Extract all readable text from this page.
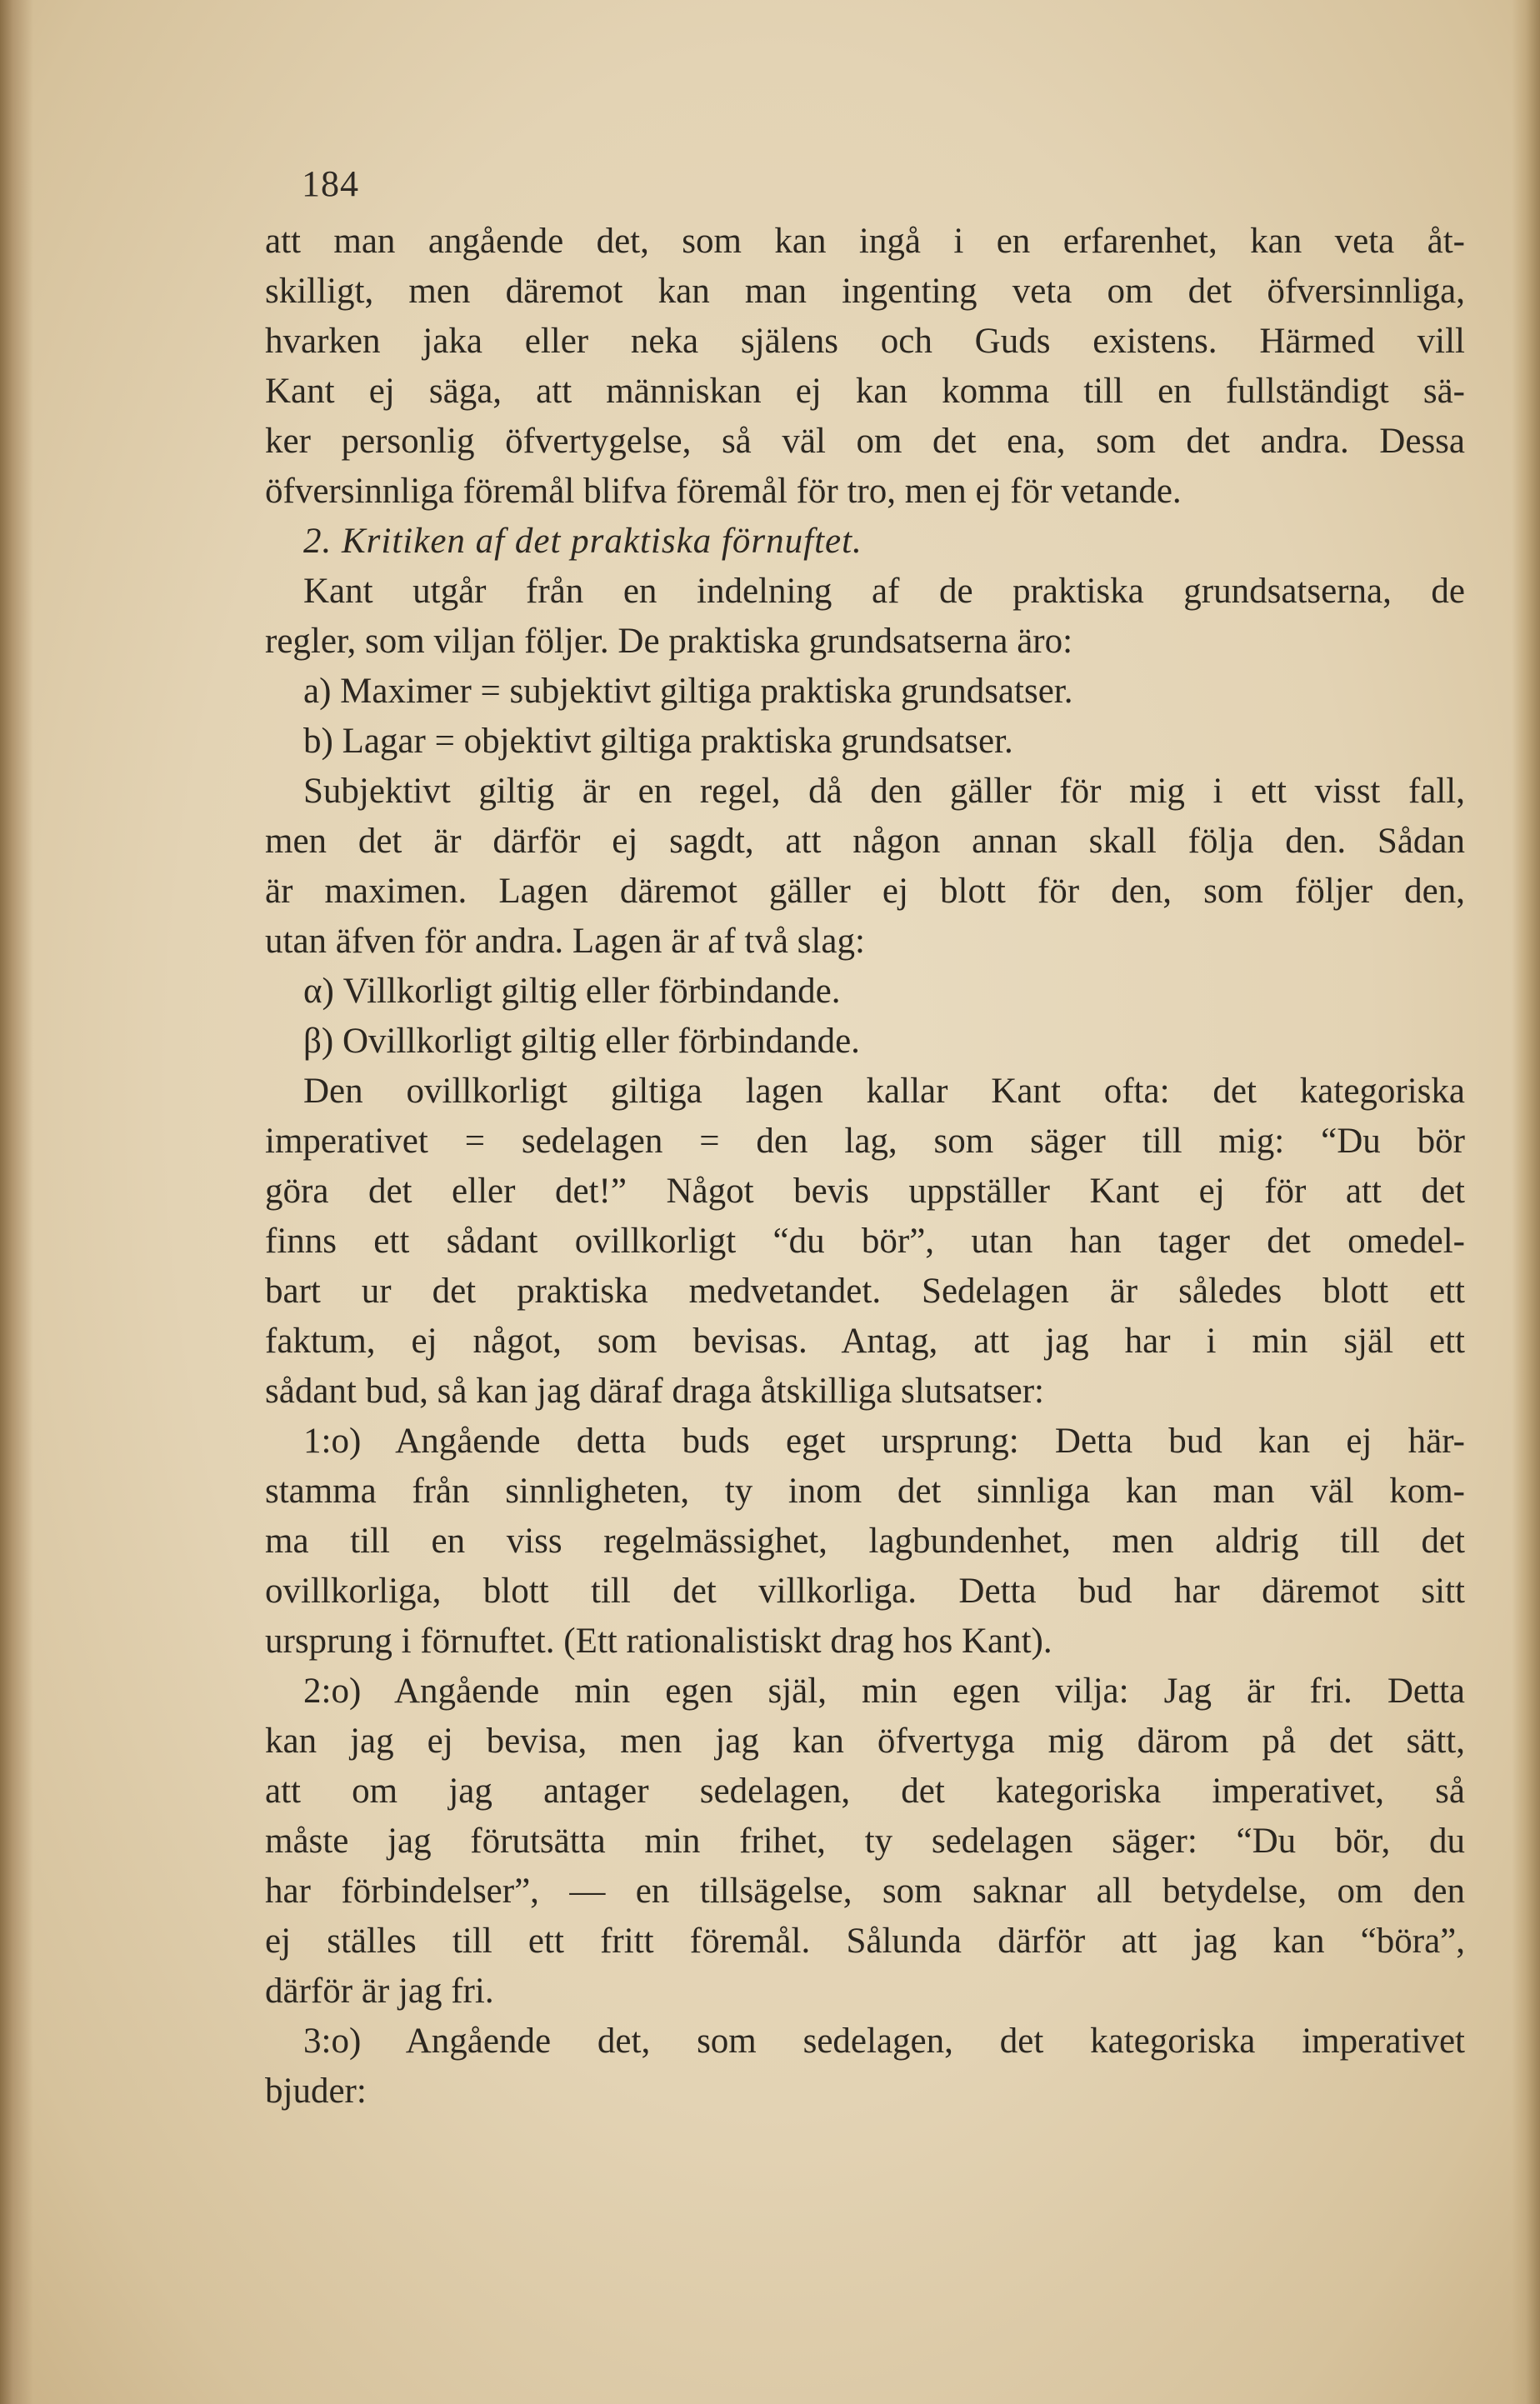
184
att man angående det, som kan ingå i en erfarenhet, kan veta åt-
skilligt, men däremot kan man ingenting veta om det öfversinnliga,
hvarken jaka eller neka själens och Guds existens. Härmed vill
Kant ej säga, att människan ej kan komma till en fullständigt sä-
ker personlig öfvertygelse, så väl om det ena, som det andra. Dessa
öfversinnliga föremål blifva föremål för tro, men ej för vetande.
2. Kritiken af det praktiska förnuftet.
Kant utgår från en indelning af de praktiska grundsatserna, de
regler, som viljan följer. De praktiska grundsatserna äro:
a) Maximer = subjektivt giltiga praktiska grundsatser.
b) Lagar = objektivt giltiga praktiska grundsatser.
Subjektivt giltig är en regel, då den gäller för mig i ett visst fall,
men det är därför ej sagdt, att någon annan skall följa den. Sådan
är maximen. Lagen däremot gäller ej blott för den, som följer den,
utan äfven för andra. Lagen är af två slag:
α) Villkorligt giltig eller förbindande.
β) Ovillkorligt giltig eller förbindande.
Den ovillkorligt giltiga lagen kallar Kant ofta: det kategoriska
imperativet = sedelagen = den lag, som säger till mig: “Du bör
göra det eller det!” Något bevis uppställer Kant ej för att det
finns ett sådant ovillkorligt “du bör”, utan han tager det omedel-
bart ur det praktiska medvetandet. Sedelagen är således blott ett
faktum, ej något, som bevisas. Antag, att jag har i min själ ett
sådant bud, så kan jag däraf draga åtskilliga slutsatser:
1:o) Angående detta buds eget ursprung: Detta bud kan ej här-
stamma från sinnligheten, ty inom det sinnliga kan man väl kom-
ma till en viss regelmässighet, lagbundenhet, men aldrig till det
ovillkorliga, blott till det villkorliga. Detta bud har däremot sitt
ursprung i förnuftet. (Ett rationalistiskt drag hos Kant).
2:o) Angående min egen själ, min egen vilja: Jag är fri. Detta
kan jag ej bevisa, men jag kan öfvertyga mig därom på det sätt,
att om jag antager sedelagen, det kategoriska imperativet, så
måste jag förutsätta min frihet, ty sedelagen säger: “Du bör, du
har förbindelser”, — en tillsägelse, som saknar all betydelse, om den
ej ställes till ett fritt föremål. Sålunda därför att jag kan “böra”,
därför är jag fri.
3:o) Angående det, som sedelagen, det kategoriska imperativet
bjuder:
